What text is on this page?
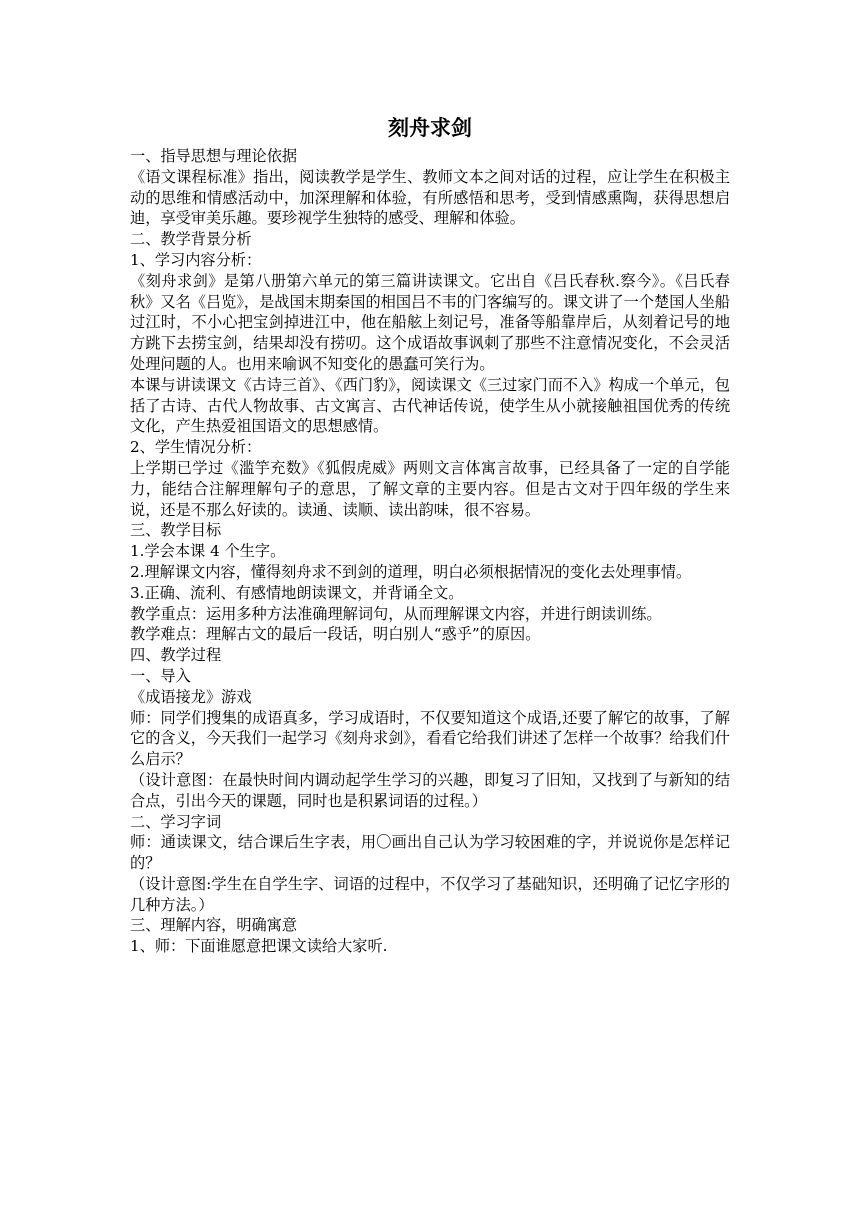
刻舟求剑

一、指导思想与理论依据

《语文课程标准》指出，阅读教学是学生、教师文本之间对话的过程，应让学生在积极主动的思维和情感活动中，加深理解和体验，有所感悟和思考，受到情感熏陶，获得思想启迪，享受审美乐趣。要珍视学生独特的感受、理解和体验。

二、教学背景分析

1、学习内容分析：

《刻舟求剑》是第八册第六单元的第三篇讲读课文。它出自《吕氏春秋.察今》。《吕氏春秋》又名《吕览》，是战国末期秦国的相国吕不韦的门客编写的。课文讲了一个楚国人坐船过江时，不小心把宝剑掉进江中，他在船舷上刻记号，准备等船靠岸后，从刻着记号的地方跳下去捞宝剑，结果却没有捞叨。这个成语故事讽刺了那些不注意情况变化，不会灵活处理问题的人。也用来喻讽不知变化的愚蠢可笑行为。

本课与讲读课文《古诗三首》、《西门豹》，阅读课文《三过家门而不入》构成一个单元，包括了古诗、古代人物故事、古文寓言、古代神话传说，使学生从小就接触祖国优秀的传统文化，产生热爱祖国语文的思想感情。

2、学生情况分析：

上学期已学过《滥竽充数》《狐假虎威》两则文言体寓言故事，已经具备了一定的自学能力，能结合注解理解句子的意思，了解文章的主要内容。但是古文对于四年级的学生来说，还是不那么好读的。读通、读顺、读出韵味，很不容易。

三、教学目标

1.学会本课 4 个生字。

2.理解课文内容，懂得刻舟求不到剑的道理，明白必须根据情况的变化去处理事情。

3.正确、流利、有感情地朗读课文，并背诵全文。

教学重点：运用多种方法准确理解词句，从而理解课文内容，并进行朗读训练。

教学难点：理解古文的最后一段话，明白别人“惑乎”的原因。

四、教学过程

一、导入

《成语接龙》游戏

师：同学们搜集的成语真多，学习成语时，不仅要知道这个成语,还要了解它的故事，了解它的含义，今天我们一起学习《刻舟求剑》，看看它给我们讲述了怎样一个故事？给我们什么启示？

（设计意图：在最快时间内调动起学生学习的兴趣，即复习了旧知，又找到了与新知的结合点，引出今天的课题，同时也是积累词语的过程。）

二、学习字词

师：通读课文，结合课后生字表，用〇画出自己认为学习较困难的字，并说说你是怎样记的？

（设计意图:学生在自学生字、词语的过程中，不仅学习了基础知识，还明确了记忆字形的几种方法。）

三、理解内容，明确寓意

1、师：下面谁愿意把课文读给大家听.
